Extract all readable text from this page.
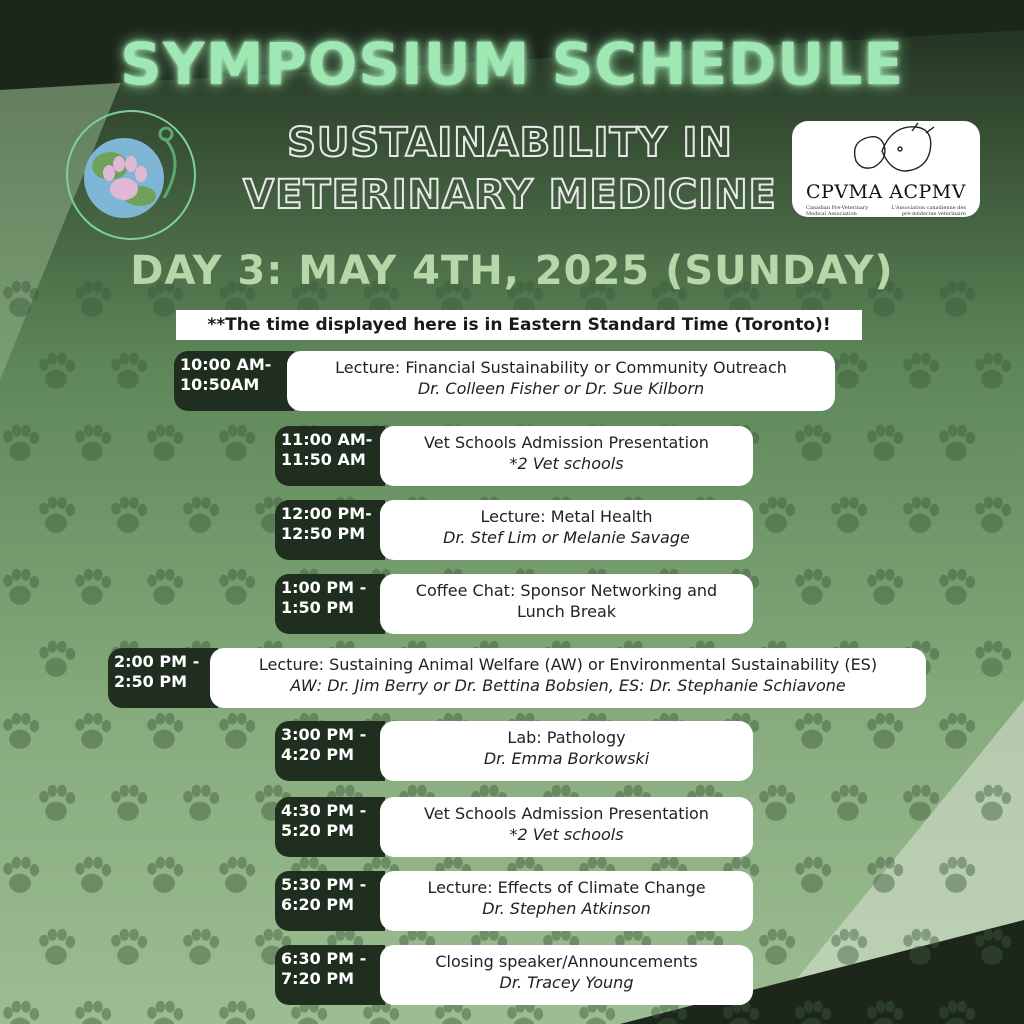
SYMPOSIUM SCHEDULE
SUSTAINABILITY IN
VETERINARY MEDICINE	CPVMA ACPMV
Canadian Pre-Veterinary Medical Association
L'Association canadienne des pré-médecine vétérinaire
DAY 3: MAY 4TH, 2025 (SUNDAY)
**The time displayed here is in Eastern Standard Time (Toronto)!
10:00 AM-
10:50AM
Lecture: Financial Sustainability or Community Outreach
Dr. Colleen Fisher or Dr. Sue Kilborn
11:00 AM-
11:50 AM
Vet Schools Admission Presentation
*2 Vet schools
12:00 PM-
12:50 PM
Lecture: Metal Health
Dr. Stef Lim or Melanie Savage
1:00 PM -
1:50 PM
Coffee Chat: Sponsor Networking and
Lunch Break
2:00 PM -
2:50 PM
Lecture: Sustaining Animal Welfare (AW) or Environmental Sustainability (ES)
AW: Dr. Jim Berry or Dr. Bettina Bobsien, ES: Dr. Stephanie Schiavone
3:00 PM -
4:20 PM
Lab: Pathology
Dr. Emma Borkowski
4:30 PM -
5:20 PM
Vet Schools Admission Presentation
*2 Vet schools
5:30 PM -
6:20 PM
Lecture: Effects of Climate Change
Dr. Stephen Atkinson
6:30 PM -
7:20 PM
Closing speaker/Announcements
Dr. Tracey Young
